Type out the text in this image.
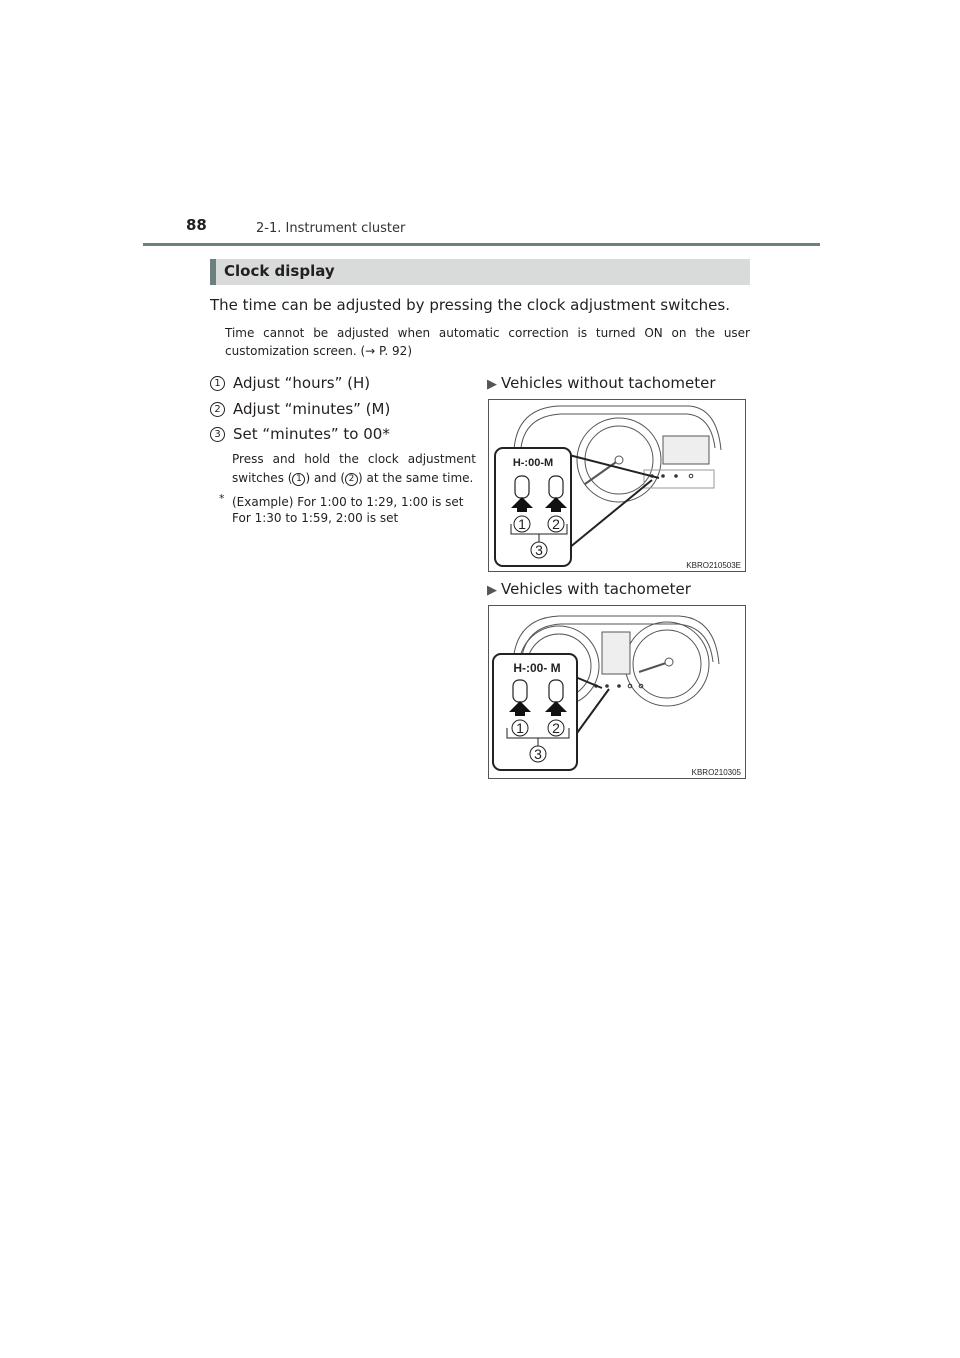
88	2-1. Instrument cluster
Clock display
The time can be adjusted by pressing the clock adjustment switches.
Time cannot be adjusted when automatic correction is turned ON on the user customization screen. (→ P. 92)
1 Adjust “hours” (H)
2 Adjust “minutes” (M)
3 Set “minutes” to 00*
Press and hold the clock adjustment switches ( 1 ) and ( 2 ) at the same time.
* (Example) For 1:00 to 1:29, 1:00 is set
For 1:30 to 1:59, 2:00 is set
▶ Vehicles without tachometer
H-:00-M
1 2
3
KBRO210503E
▶ Vehicles with tachometer
H-:00- M
1 2
3
KBRO210305
